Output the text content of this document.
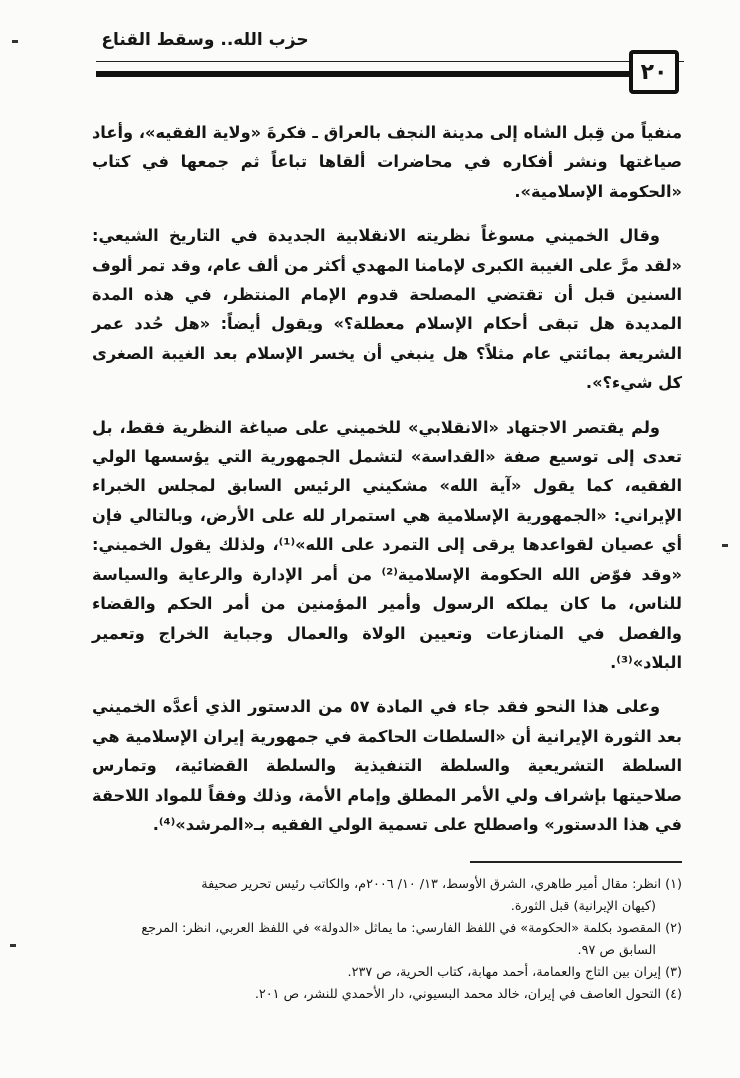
حزب الله.. وسقط القناع
٢٠

منفياً من قِبل الشاه إلى مدينة النجف بالعراق ـ فكرةَ «ولاية الفقيه»، وأعاد صياغتها ونشر أفكاره في محاضرات ألقاها تباعاً ثم جمعها في كتاب «الحكومة الإسلامية».

وقال الخميني مسوغاً نظريته الانقلابية الجديدة في التاريخ الشيعي: «لقد مرَّ على الغيبة الكبرى لإمامنا المهدي أكثر من ألف عام، وقد تمر ألوف السنين قبل أن تقتضي المصلحة قدوم الإمام المنتظر، في هذه المدة المديدة هل تبقى أحكام الإسلام معطلة؟» ويقول أيضاً: «هل حُدد عمر الشريعة بمائتي عام مثلاً؟ هل ينبغي أن يخسر الإسلام بعد الغيبة الصغرى كل شيء؟».

ولم يقتصر الاجتهاد «الانقلابي» للخميني على صياغة النظرية فقط، بل تعدى إلى توسيع صفة «القداسة» لتشمل الجمهورية التي يؤسسها الولي الفقيه، كما يقول «آية الله» مشكيني الرئيس السابق لمجلس الخبراء الإيراني: «الجمهورية الإسلامية هي استمرار لله على الأرض، وبالتالي فإن أي عصيان لقواعدها يرقى إلى التمرد على الله»⁽¹⁾، ولذلك يقول الخميني: «وقد فوّض الله الحكومة الإسلامية⁽²⁾ من أمر الإدارة والرعاية والسياسة للناس، ما كان يملكه الرسول وأمير المؤمنين من أمر الحكم والقضاء والفصل في المنازعات وتعيين الولاة والعمال وجباية الخراج وتعمير البلاد»⁽³⁾.

وعلى هذا النحو فقد جاء في المادة ٥٧ من الدستور الذي أعدَّه الخميني بعد الثورة الإيرانية أن «السلطات الحاكمة في جمهورية إيران الإسلامية هي السلطة التشريعية والسلطة التنفيذية والسلطة القضائية، وتمارس صلاحيتها بإشراف ولي الأمر المطلق وإمام الأمة، وذلك وفقاً للمواد اللاحقة في هذا الدستور» واصطلح على تسمية الولي الفقيه بـ«المرشد»⁽⁴⁾.

(١) انظر: مقال أمير طاهري، الشرق الأوسط، ١٣/ ١٠/ ٢٠٠٦م، والكاتب رئيس تحرير صحيفة

(كيهان الإيرانية) قبل الثورة.

(٢) المقصود بكلمة «الحكومة» في اللفظ الفارسي: ما يماثل «الدولة» في اللفظ العربي، انظر: المرجع

السابق ص ٩٧.

(٣) إيران بين التاج والعمامة، أحمد مهابة، كتاب الحرية، ص ٢٣٧.

(٤) التحول العاصف في إيران، خالد محمد البسيوني، دار الأحمدي للنشر، ص ٢٠١.
